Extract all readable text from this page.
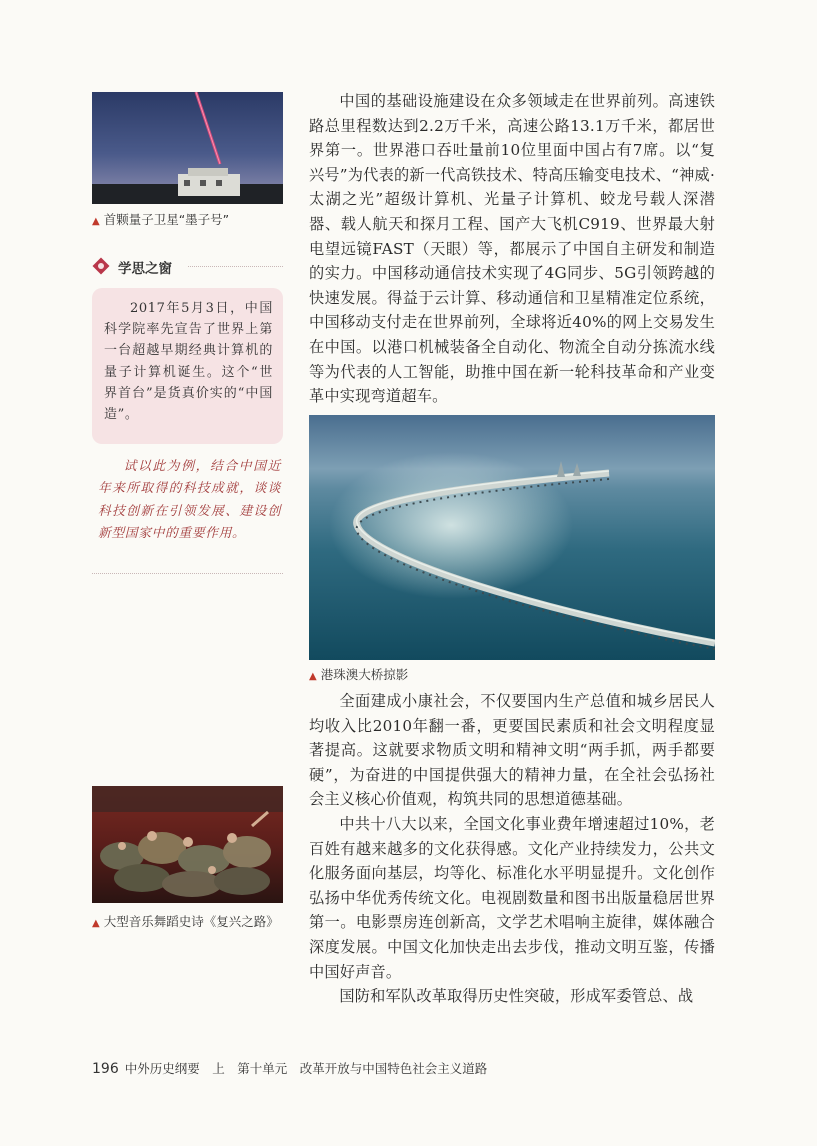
▲ 首颗量子卫星“墨子号”
学思之窗

2017年5月3日，中国科学院率先宣告了世界上第一台超越早期经典计算机的量子计算机诞生。这个“世界首台”是货真价实的“中国造”。

试以此为例，结合中国近年来所取得的科技成就，谈谈科技创新在引领发展、建设创新型国家中的重要作用。

中国的基础设施建设在众多领域走在世界前列。高速铁路总里程数达到2.2万千米，高速公路13.1万千米，都居世界第一。世界港口吞吐量前10位里面中国占有7席。以“复兴号”为代表的新一代高铁技术、特高压输变电技术、“神威·太湖之光”超级计算机、光量子计算机、蛟龙号载人深潜器、载人航天和探月工程、国产大飞机C919、世界最大射电望远镜FAST（天眼）等，都展示了中国自主研发和制造的实力。中国移动通信技术实现了4G同步、5G引领跨越的快速发展。得益于云计算、移动通信和卫星精准定位系统，中国移动支付走在世界前列，全球将近40%的网上交易发生在中国。以港口机械装备全自动化、物流全自动分拣流水线等为代表的人工智能，助推中国在新一轮科技革命和产业变革中实现弯道超车。

▲ 港珠澳大桥掠影

全面建成小康社会，不仅要国内生产总值和城乡居民人均收入比2010年翻一番，更要国民素质和社会文明程度显著提高。这就要求物质文明和精神文明“两手抓，两手都要硬”，为奋进的中国提供强大的精神力量，在全社会弘扬社会主义核心价值观，构筑共同的思想道德基础。

中共十八大以来，全国文化事业费年增速超过10%，老百姓有越来越多的文化获得感。文化产业持续发力，公共文化服务面向基层，均等化、标准化水平明显提升。文化创作弘扬中华优秀传统文化。电视剧数量和图书出版量稳居世界第一。电影票房连创新高，文学艺术唱响主旋律，媒体融合深度发展。中国文化加快走出去步伐，推动文明互鉴，传播中国好声音。

国防和军队改革取得历史性突破，形成军委管总、战

▲ 大型音乐舞蹈史诗《复兴之路》
196 中外历史纲要　上　第十单元　改革开放与中国特色社会主义道路
